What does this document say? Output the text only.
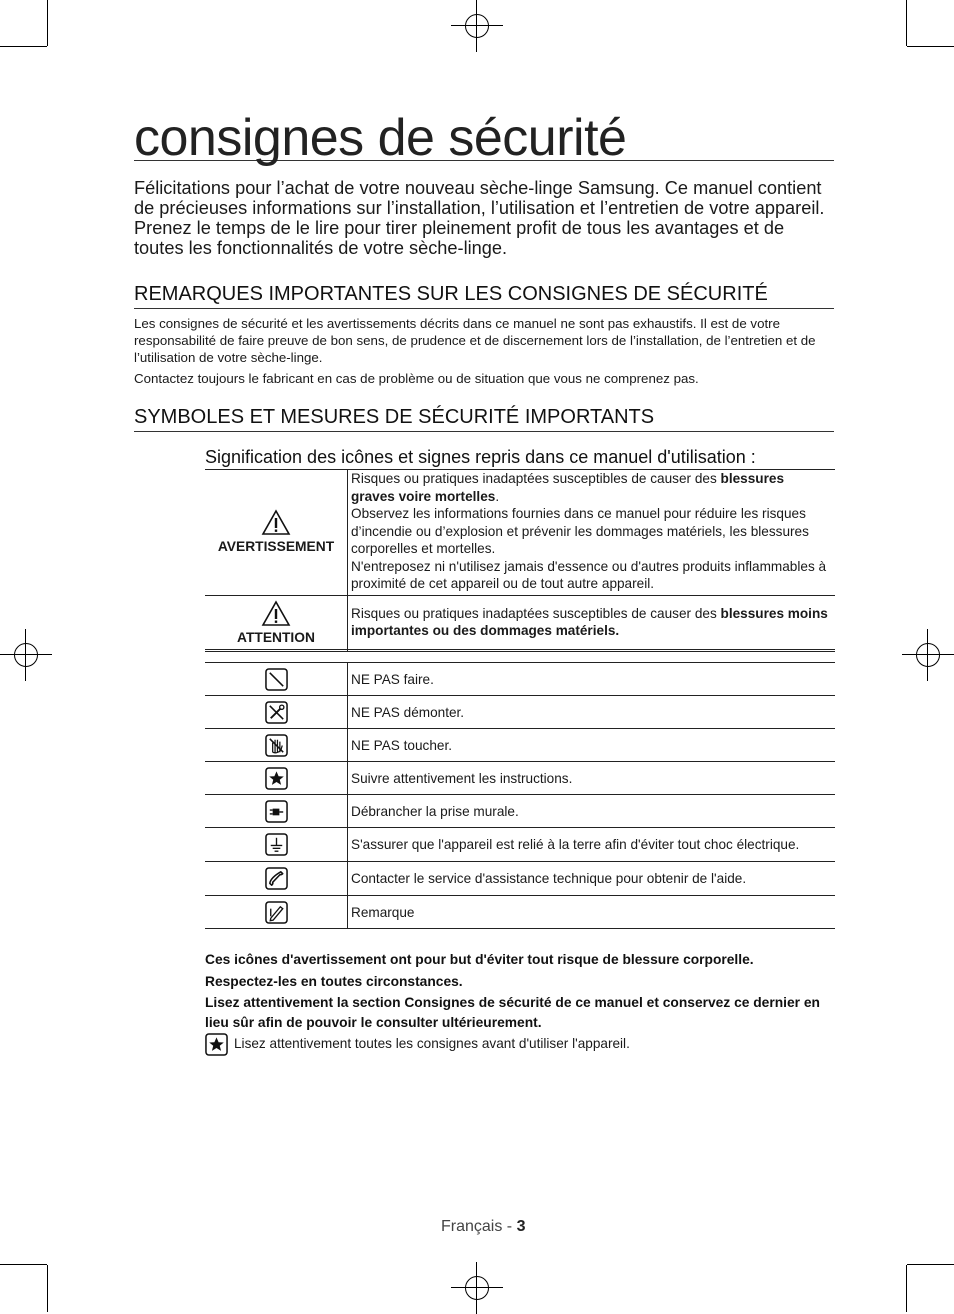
consignes de sécurité

Félicitations pour l’achat de votre nouveau sèche-linge Samsung. Ce manuel contient de précieuses informations sur l’installation, l’utilisation et l’entretien de votre appareil. Prenez le temps de le lire pour tirer pleinement profit de tous les avantages et de toutes les fonctionnalités de votre sèche-linge.

REMARQUES IMPORTANTES SUR LES CONSIGNES DE SÉCURITÉ

Les consignes de sécurité et les avertissements décrits dans ce manuel ne sont pas exhaustifs. Il est de votre responsabilité de faire preuve de bon sens, de prudence et de discernement lors de l’installation, de l’entretien et de l’utilisation de votre sèche-linge.

Contactez toujours le fabricant en cas de problème ou de situation que vous ne comprenez pas.

SYMBOLES ET MESURES DE SÉCURITÉ IMPORTANTS
Signification des icônes et signes repris dans ce manuel d'utilisation :
AVERTISSEMENT	Risques ou pratiques inadaptées susceptibles de causer des blessures graves voire mortelles.
Observez les informations fournies dans ce manuel pour réduire les risques d’incendie ou d’explosion et prévenir les dommages matériels, les blessures corporelles et mortelles.
N'entreposez ni n'utilisez jamais d'essence ou d'autres produits inflammables à proximité de cet appareil ou de tout autre appareil.

ATTENTION	Risques ou pratiques inadaptées susceptibles de causer des blessures moins importantes ou des dommages matériels.

	NE PAS faire.
	NE PAS démonter.
	NE PAS toucher.
	Suivre attentivement les instructions.
	Débrancher la prise murale.
	S'assurer que l'appareil est relié à la terre afin d'éviter tout choc électrique.
	Contacter le service d'assistance technique pour obtenir de l'aide.
	Remarque

Ces icônes d'avertissement ont pour but d'éviter tout risque de blessure corporelle.

Respectez-les en toutes circonstances.

Lisez attentivement la section Consignes de sécurité de ce manuel et conservez ce dernier en lieu sûr afin de pouvoir le consulter ultérieurement.

Lisez attentivement toutes les consignes avant d'utiliser l'appareil.
Français - 3
